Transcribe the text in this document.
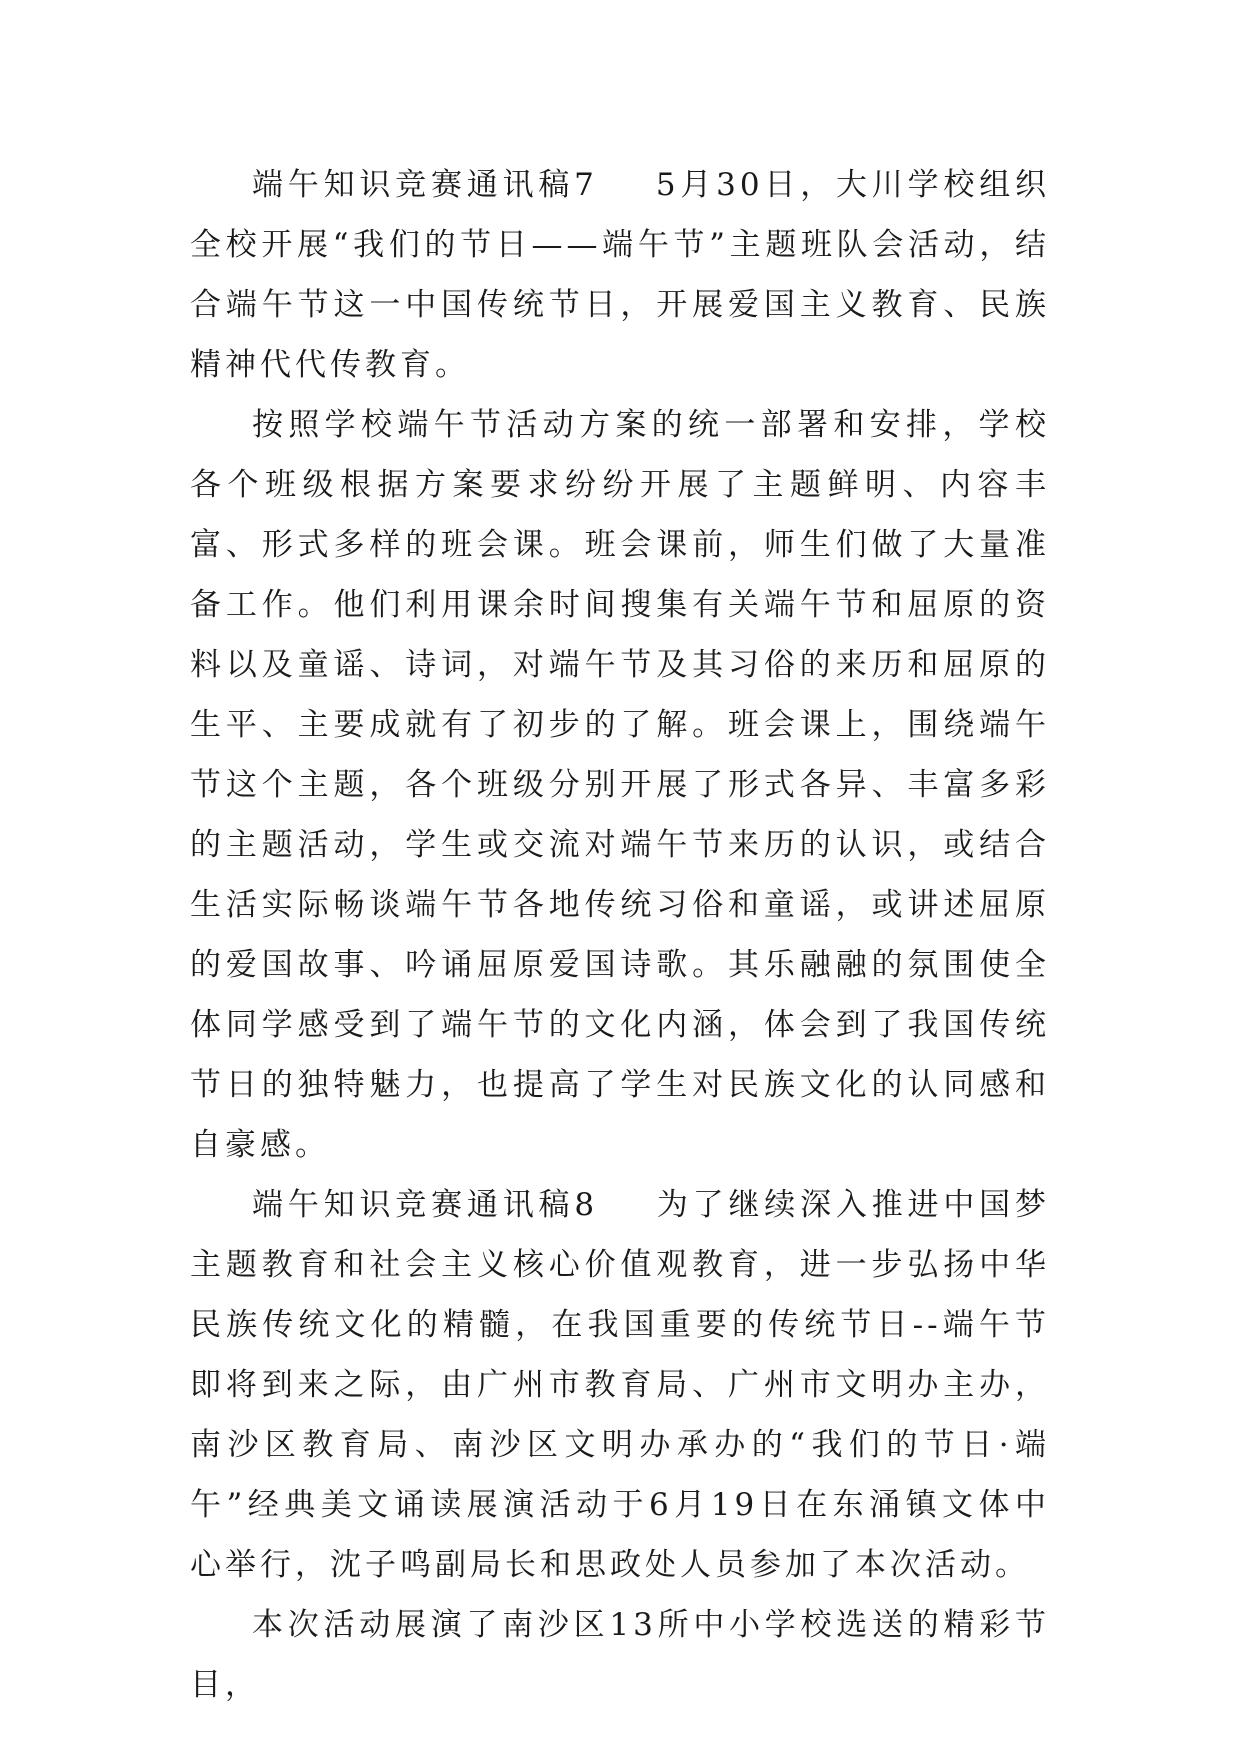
端午知识竞赛通讯稿7 5月30日，大川学校组织全校开展“我们的节日——端午节”主题班队会活动，结合端午节这一中国传统节日，开展爱国主义教育、民族精神代代传教育。

按照学校端午节活动方案的统一部署和安排，学校各个班级根据方案要求纷纷开展了主题鲜明、内容丰富、形式多样的班会课。班会课前，师生们做了大量准备工作。他们利用课余时间搜集有关端午节和屈原的资料以及童谣、诗词，对端午节及其习俗的来历和屈原的生平、主要成就有了初步的了解。班会课上，围绕端午节这个主题，各个班级分别开展了形式各异、丰富多彩的主题活动，学生或交流对端午节来历的认识，或结合生活实际畅谈端午节各地传统习俗和童谣，或讲述屈原的爱国故事、吟诵屈原爱国诗歌。其乐融融的氛围使全体同学感受到了端午节的文化内涵，体会到了我国传统节日的独特魅力，也提高了学生对民族文化的认同感和自豪感。

端午知识竞赛通讯稿8 为了继续深入推进中国梦主题教育和社会主义核心价值观教育，进一步弘扬中华民族传统文化的精髓，在我国重要的传统节日--端午节即将到来之际，由广州市教育局、广州市文明办主办，南沙区教育局、南沙区文明办承办的“我们的节日·端午”经典美文诵读展演活动于6月19日在东涌镇文体中心举行，沈子鸣副局长和思政处人员参加了本次活动。

本次活动展演了南沙区13所中小学校选送的精彩节目，
